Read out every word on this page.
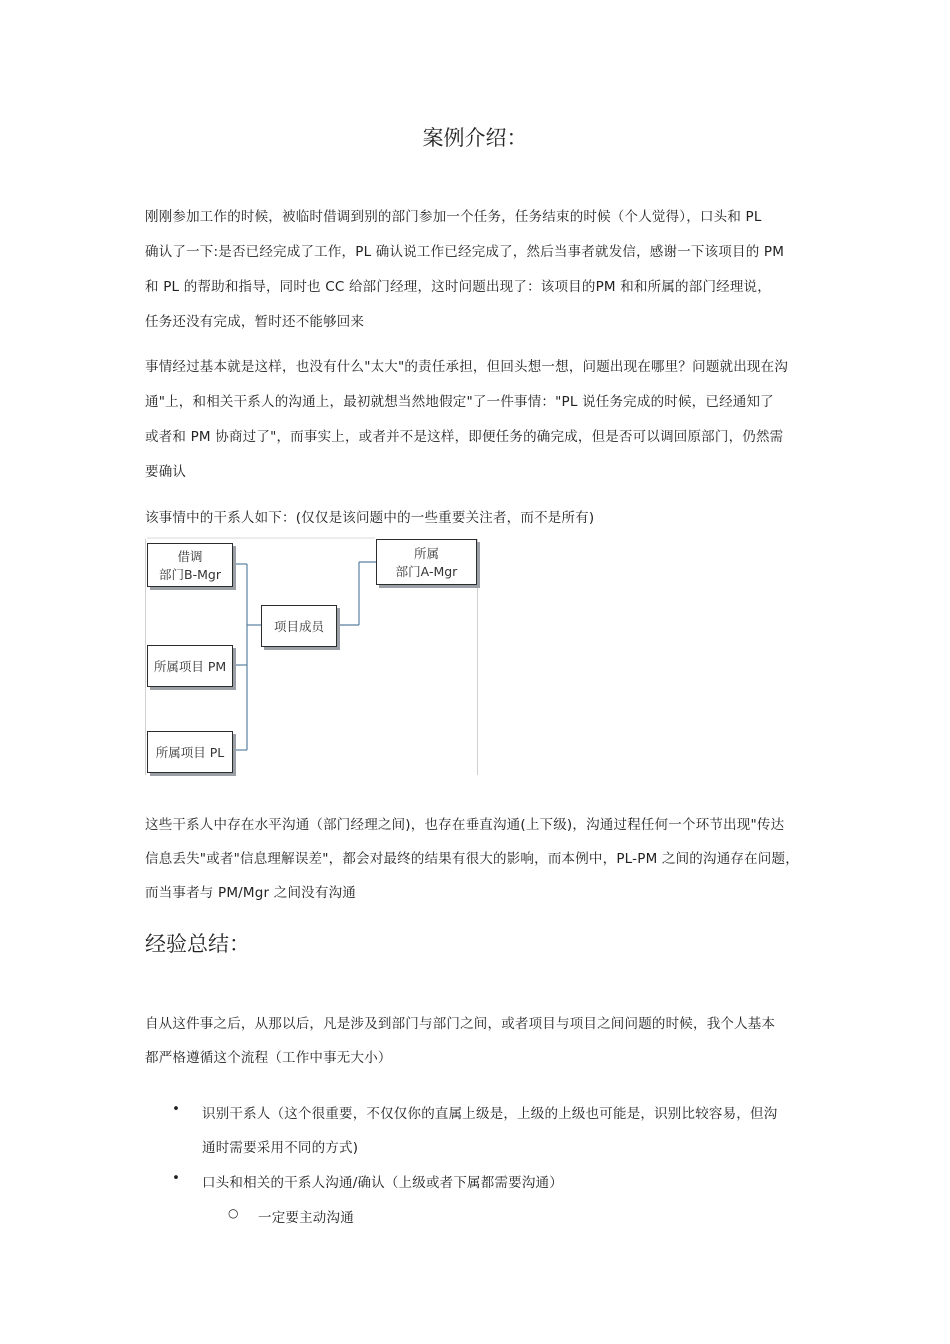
案例介绍：
刚刚参加工作的时候，被临时借调到别的部门参加一个任务，任务结束的时候（个人觉得），口头和 PL
确认了一下:是否已经完成了工作，PL 确认说工作已经完成了，然后当事者就发信，感谢一下该项目的 PM
和 PL 的帮助和指导，同时也 CC 给部门经理，这时问题出现了：该项目的PM 和和所属的部门经理说，
任务还没有完成，暂时还不能够回来
事情经过基本就是这样，也没有什么"太大"的责任承担，但回头想一想，问题出现在哪里？问题就出现在沟
通"上，和相关干系人的沟通上，最初就想当然地假定"了一件事情："PL 说任务完成的时候，已经通知了
或者和 PM 协商过了"，而事实上，或者并不是这样，即便任务的确完成，但是否可以调回原部门，仍然需
要确认
该事情中的干系人如下：(仅仅是该问题中的一些重要关注者，而不是所有)
借调
部门B-Mgr
所属项目 PM
所属项目 PL
项目成员
所属
部门A-Mgr
这些干系人中存在水平沟通（部门经理之间)，也存在垂直沟通(上下级)，沟通过程任何一个环节出现"传达
信息丢失"或者"信息理解误差"，都会对最终的结果有很大的影响，而本例中，PL-PM 之间的沟通存在问题，
而当事者与 PM/Mgr 之间没有沟通
经验总结：
自从这件事之后，从那以后，凡是涉及到部门与部门之间，或者项目与项目之间问题的时候，我个人基本
都严格遵循这个流程（工作中事无大小）
• 识别干系人（这个很重要，不仅仅你的直属上级是，上级的上级也可能是，识别比较容易，但沟
通时需要采用不同的方式)
• 口头和相关的干系人沟通/确认（上级或者下属都需要沟通）
○ 一定要主动沟通
